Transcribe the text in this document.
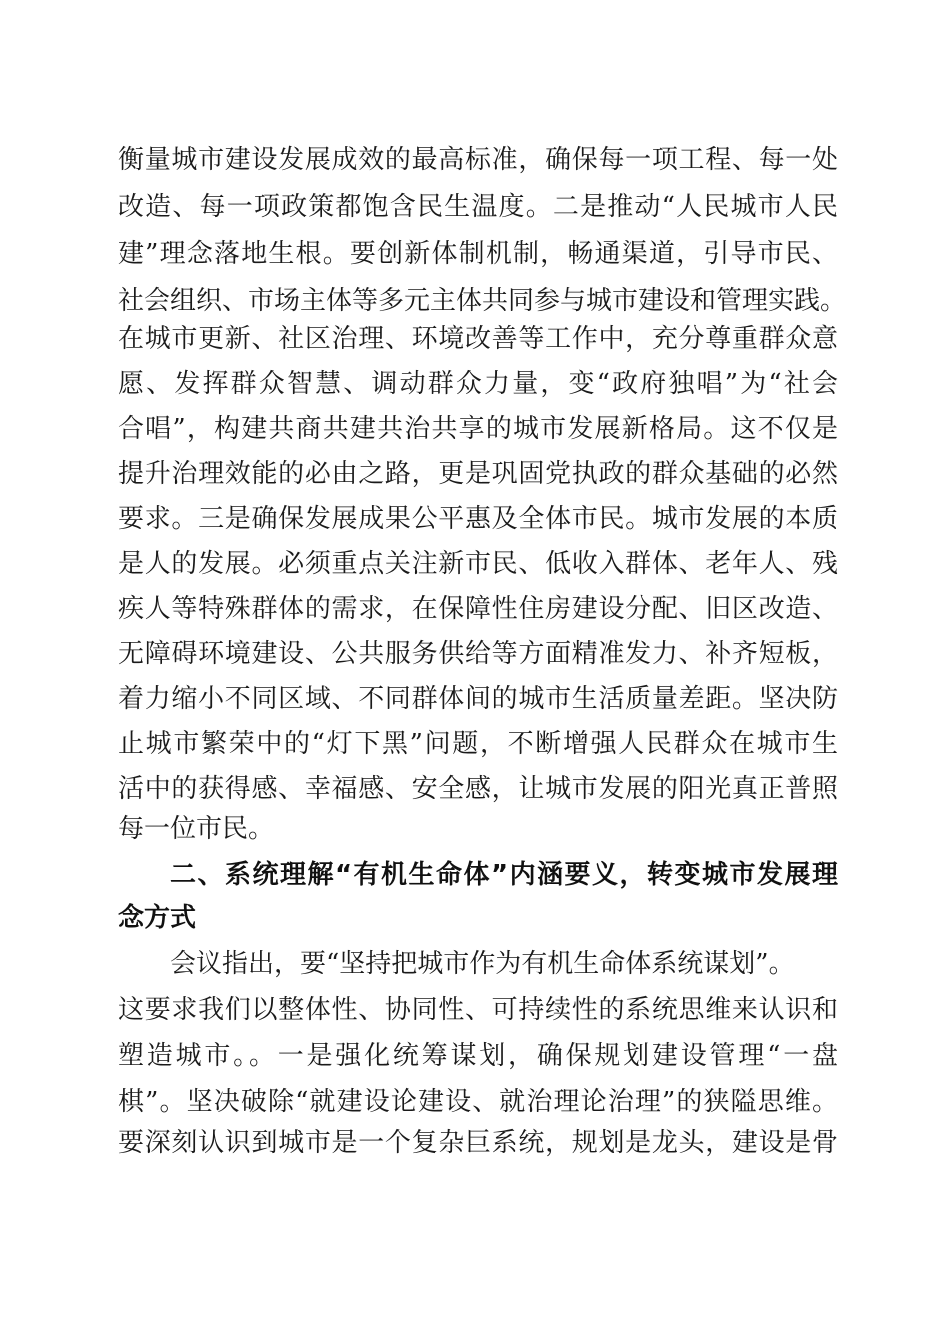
衡量城市建设发展成效的最高标准，确保每一项工程、每一处
改造、每一项政策都饱含民生温度。二是推动“人民城市人民
建”理念落地生根。要创新体制机制，畅通渠道，引导市民、
社会组织、市场主体等多元主体共同参与城市建设和管理实践。
在城市更新、社区治理、环境改善等工作中，充分尊重群众意
愿、发挥群众智慧、调动群众力量，变“政府独唱”为“社会
合唱”，构建共商共建共治共享的城市发展新格局。这不仅是
提升治理效能的必由之路，更是巩固党执政的群众基础的必然
要求。三是确保发展成果公平惠及全体市民。城市发展的本质
是人的发展。必须重点关注新市民、低收入群体、老年人、残
疾人等特殊群体的需求，在保障性住房建设分配、旧区改造、
无障碍环境建设、公共服务供给等方面精准发力、补齐短板，
着力缩小不同区域、不同群体间的城市生活质量差距。坚决防
止城市繁荣中的“灯下黑”问题，不断增强人民群众在城市生
活中的获得感、幸福感、安全感，让城市发展的阳光真正普照
每一位市民。
二、系统理解“有机生命体”内涵要义，转变城市发展理
念方式
会议指出，要“坚持把城市作为有机生命体系统谋划”。
这要求我们以整体性、协同性、可持续性的系统思维来认识和
塑造城市。。一是强化统筹谋划，确保规划建设管理“一盘
棋”。坚决破除“就建设论建设、就治理论治理”的狭隘思维。
要深刻认识到城市是一个复杂巨系统，规划是龙头，建设是骨
